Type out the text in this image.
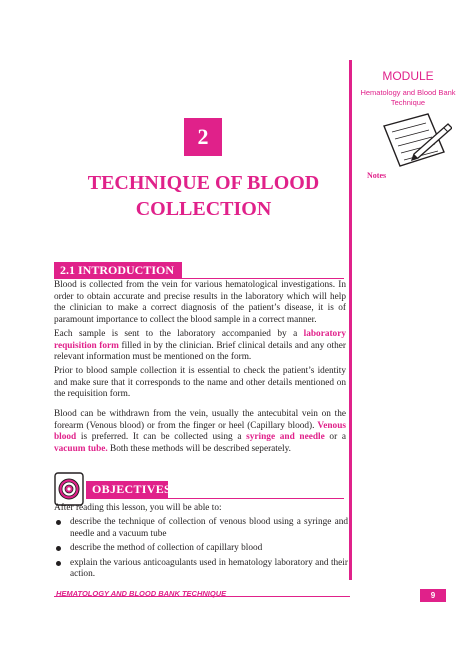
MODULE
Hematology and Blood Bank Technique
Notes
2
TECHNIQUE OF BLOOD
COLLECTION
2.1 INTRODUCTION

Blood is collected from the vein for various hematological investigations. In order to obtain accurate and precise results in the laboratory which will help the clinician to make a correct diagnosis of the patient’s disease, it is of paramount importance to collect the blood sample in a correct manner.

Each sample is sent to the laboratory accompanied by a laboratory requisition form filled in by the clinician. Brief clinical details and any other relevant information must be mentioned on the form.

Prior to blood sample collection it is essential to check the patient’s identity and make sure that it corresponds to the name and other details mentioned on the requisition form.

Blood can be withdrawn from the vein, usually the antecubital vein on the forearm (Venous blood) or from the finger or heel (Capillary blood). Venous blood is preferred. It can be collected using a syringe and needle or a vacuum tube. Both these methods will be described seperately.

OBJECTIVES

After reading this lesson, you will be able to:

describe the technique of collection of venous blood using a syringe and needle and a vacuum tube
describe the method of collection of capillary blood
explain the various anticoagulants used in hematology laboratory and their action.
HEMATOLOGY AND BLOOD BANK TECHNIQUE	9
